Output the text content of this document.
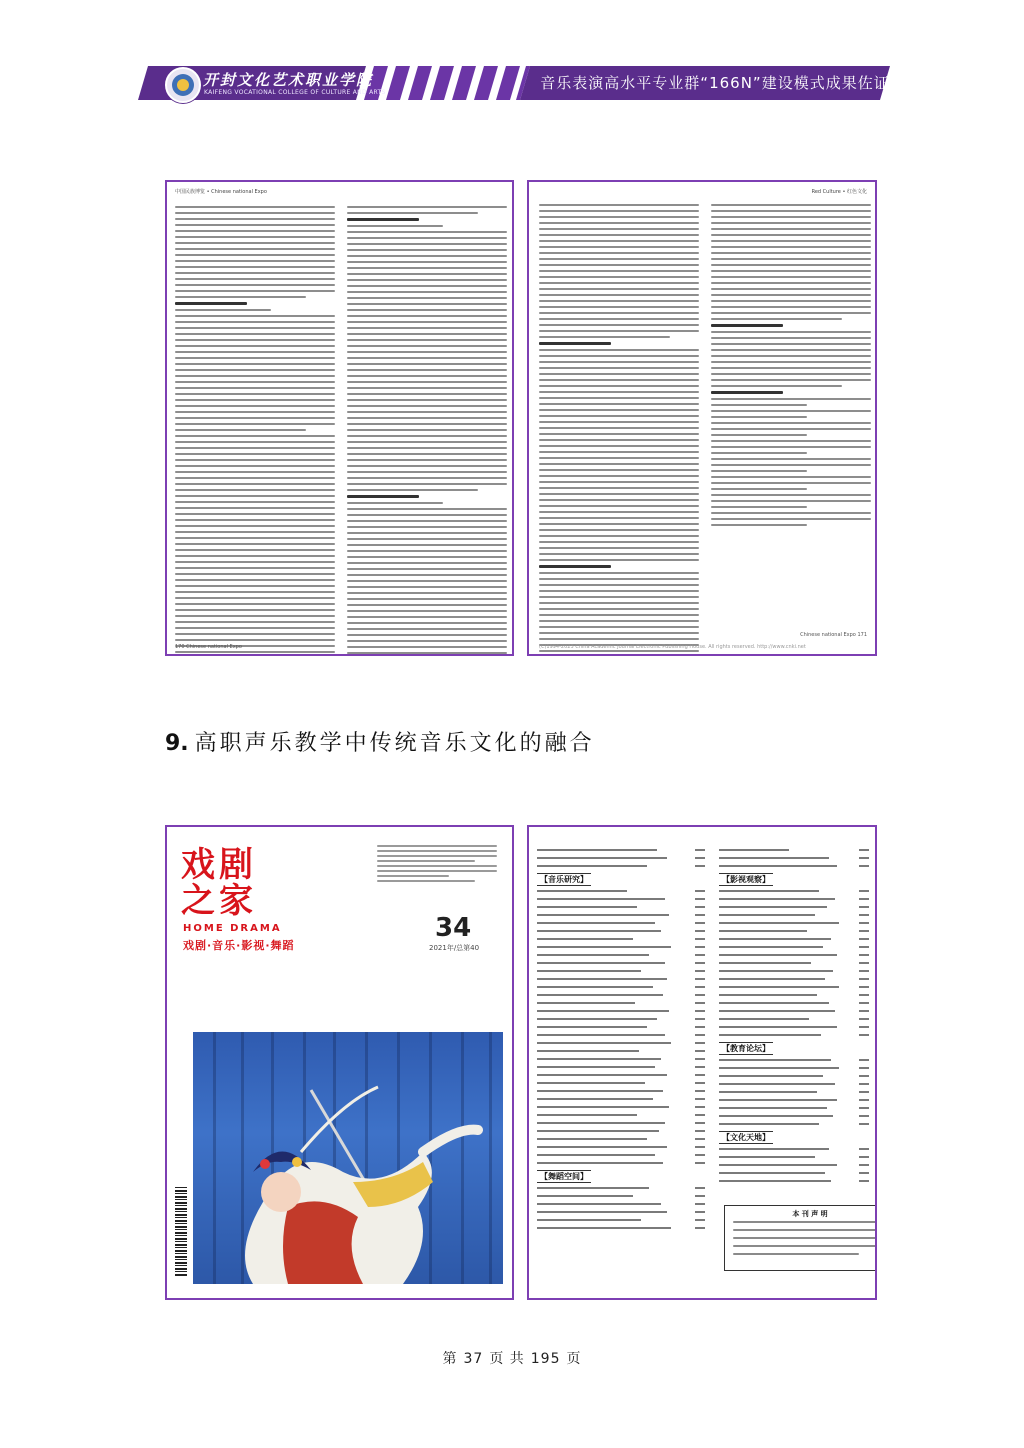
开封文化艺术职业学院
KAIFENG VOCATIONAL COLLEGE OF CULTURE AND ARTS
音乐表演高水平专业群“166N”建设模式成果佐证
中国民族博览 • Chinese national Expo
170 Chinese national Expo
Red Culture • 红色文化
Chinese national Expo 171
(C)1994-2023 China Academic Journal Electronic Publishing House. All rights reserved. http://www.cnki.net
9. 高职声乐教学中传统音乐文化的融合
戏 剧
之 家
HOME DRAMA
戏剧·音乐·影视·舞蹈
34
2021年/总第40
【音乐研究】
【舞蹈空间】
【影视观察】
【教育论坛】
【文化天地】
本 刊 声 明
第 37 页 共 195 页
